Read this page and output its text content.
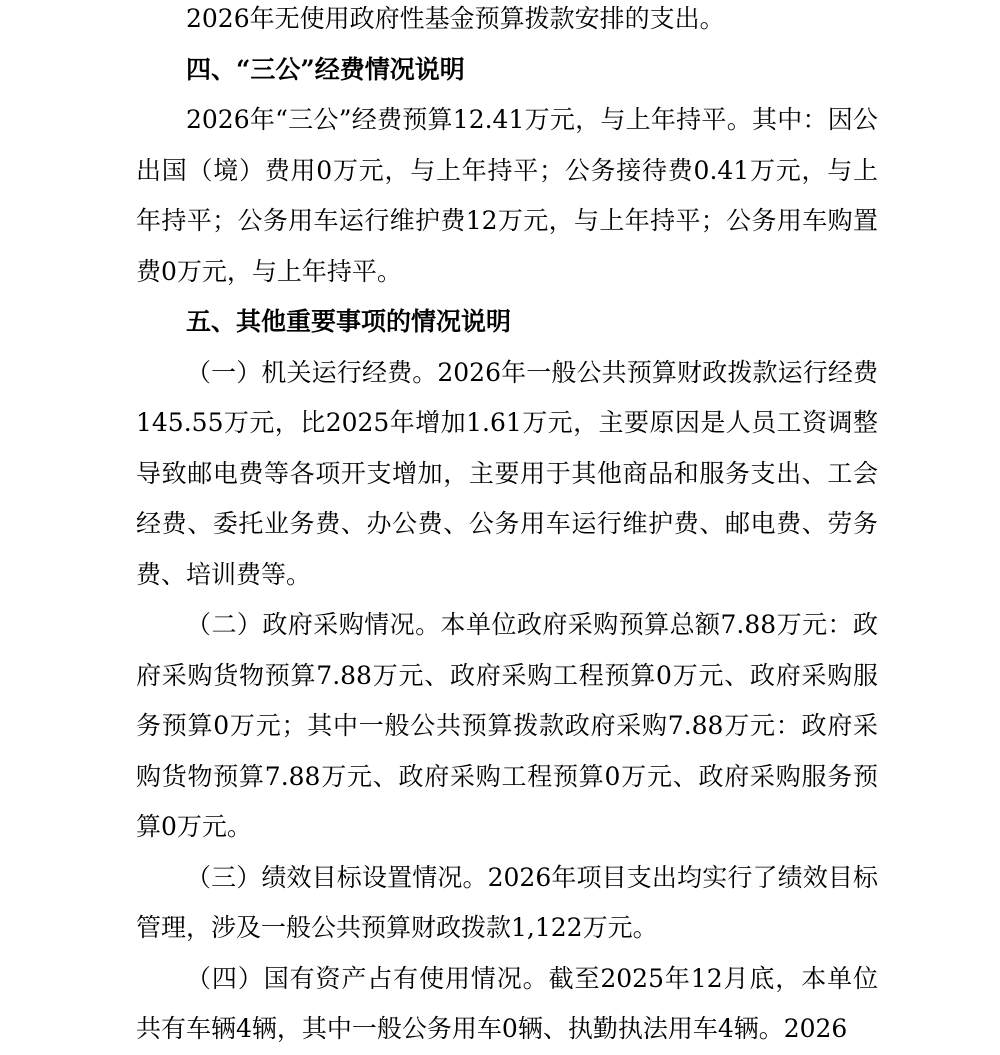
2026年无使用政府性基金预算拨款安排的支出。

四、“三公”经费情况说明

2026年“三公”经费预算12.41万元，与上年持平。其中：因公出国（境）费用0万元，与上年持平；公务接待费0.41万元，与上年持平；公务用车运行维护费12万元，与上年持平；公务用车购置费0万元，与上年持平。

五、其他重要事项的情况说明

（一）机关运行经费。2026年一般公共预算财政拨款运行经费145.55万元，比2025年增加1.61万元，主要原因是人员工资调整导致邮电费等各项开支增加，主要用于其他商品和服务支出、工会经费、委托业务费、办公费、公务用车运行维护费、邮电费、劳务费、培训费等。

（二）政府采购情况。本单位政府采购预算总额7.88万元：政府采购货物预算7.88万元、政府采购工程预算0万元、政府采购服务预算0万元；其中一般公共预算拨款政府采购7.88万元：政府采购货物预算7.88万元、政府采购工程预算0万元、政府采购服务预算0万元。

（三）绩效目标设置情况。2026年项目支出均实行了绩效目标管理，涉及一般公共预算财政拨款1,122万元。

（四）国有资产占有使用情况。截至2025年12月底，本单位共有车辆4辆，其中一般公务用车0辆、执勤执法用车4辆。2026
